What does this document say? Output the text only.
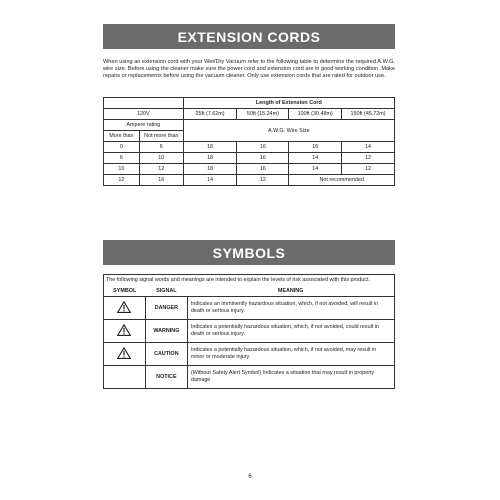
EXTENSION CORDS

When using an extension cord with your Wet/Dry Vacuum refer to the following table to determine the required A.W.G. wire size. Before using the cleaner make sure the power cord and extension cord are in good working condition. Make repairs or replacements before using the vacuum cleaner. Only use extension cords that are rated for outdoor use.

		Length of Extension Cord			
120V		25ft (7.62m)	50ft (15.24m)	100ft (30.48m)	150ft (45.72m)
Ampere rating		A.W.G. Wire Size			
More than	Not more than				
0	6	18	16	16	14
6	10	18	16	14	12
10	12	18	16	14	12
12	16	14	12	Not recommended	
SYMBOLS
The following signal words and meanings are intended to explain the levels of risk associated with this product.		
SYMBOL	SIGNAL	MEANING
	DANGER	Indicates an imminently hazardous situation, which, if not avoided, will result in death or serious injury.
	WARNING	Indicates a potentially hazardous situation, which, if not avoided, could result in death or serious injury.
	CAUTION	Indicates a potentially hazardous situation, which, if not avoided, may result in minor or moderate injury.
	NOTICE	(Without Safety Alert Symbol) Indicates a situation that may result in property damage
6
